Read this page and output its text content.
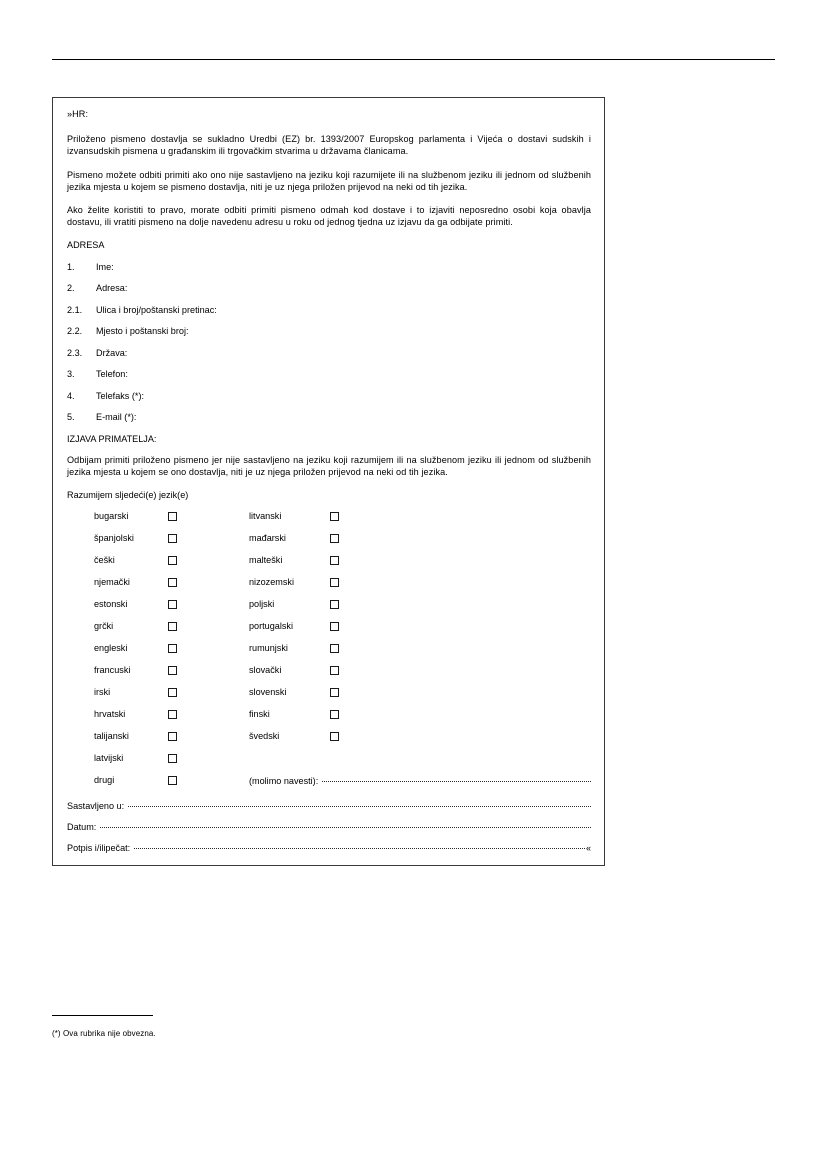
»HR:
Priloženo pismeno dostavlja se sukladno Uredbi (EZ) br. 1393/2007 Europskog parlamenta i Vijeća o dostavi sudskih i izvansudskih pismena u građanskim ili trgovačkim stvarima u državama članicama.
Pismeno možete odbiti primiti ako ono nije sastavljeno na jeziku koji razumijete ili na službenom jeziku ili jednom od službenih jezika mjesta u kojem se pismeno dostavlja, niti je uz njega priložen prijevod na neki od tih jezika.
Ako želite koristiti to pravo, morate odbiti primiti pismeno odmah kod dostave i to izjaviti neposredno osobi koja obavlja dostavu, ili vratiti pismeno na dolje navedenu adresu u roku od jednog tjedna uz izjavu da ga odbijate primiti.
ADRESA
1.	Ime:
2.	Adresa:
2.1.	Ulica i broj/poštanski pretinac:
2.2.	Mjesto i poštanski broj:
2.3.	Država:
3.	Telefon:
4.	Telefaks (*):
5.	E-mail (*):
IZJAVA PRIMATELJA:
Odbijam primiti priloženo pismeno jer nije sastavljeno na jeziku koji razumijem ili na službenom jeziku ili jednom od službenih jezika mjesta u kojem se ono dostavlja, niti je uz njega priložen prijevod na neki od tih jezika.
Razumijem sljedeći(e) jezik(e)
bugarski	litvanski
španjolski	mađarski
češki	malteški
njemački	nizozemski
estonski	poljski
grčki	portugalski
engleski	rumunjski
francuski	slovački
irski	slovenski
hrvatski	finski
talijanski	švedski
latvijski
drugi	(molimo navesti):
Sastavljeno u:
Datum:
Potpis i/ilipečat:	«
(*) Ova rubrika nije obvezna.
